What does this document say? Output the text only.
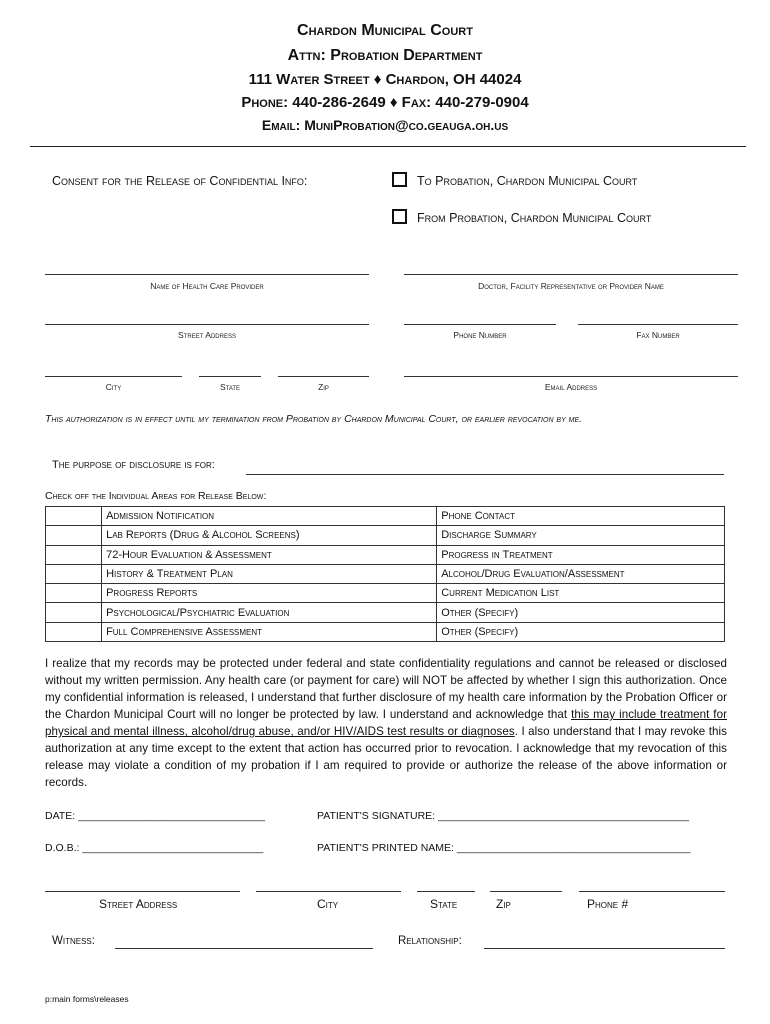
Chardon Municipal Court
Attn: Probation Department
111 Water Street ♦ Chardon, OH 44024
Phone: 440-286-2649 ♦ Fax: 440-279-0904
Email: MuniProbation@co.geauga.oh.us
Consent for the Release of Confidential Info:	To Probation, Chardon Municipal Court
From Probation, Chardon Municipal Court
Name of Health Care Provider	Doctor, Facility Representative or Provider Name
Street Address	Phone Number	Fax Number
City	State	Zip	Email Address
This authorization is in effect until my termination from Probation by Chardon Municipal Court, or earlier revocation by me.
The purpose of disclosure is for:
Check off the Individual Areas for Release Below:
	Admission Notification	Phone Contact
	Lab Reports (Drug & Alcohol Screens)	Discharge Summary
	72-Hour Evaluation & Assessment	Progress in Treatment
	History & Treatment Plan	Alcohol/Drug Evaluation/Assessment
	Progress Reports	Current Medication List
	Psychological/Psychiatric Evaluation	Other (Specify)
	Full Comprehensive Assessment	Other (Specify)
I realize that my records may be protected under federal and state confidentiality regulations and cannot be released or disclosed without my written permission. Any health care (or payment for care) will NOT be affected by whether I sign this authorization. Once my confidential information is released, I understand that further disclosure of my health care information by the Probation Officer or the Chardon Municipal Court will no longer be protected by law. I understand and acknowledge that this may include treatment for physical and mental illness, alcohol/drug abuse, and/or HIV/AIDS test results or diagnoses. I also understand that I may revoke this authorization at any time except to the extent that action has occurred prior to revocation. I acknowledge that my revocation of this release may violate a condition of my probation if I am required to provide or authorize the release of the above information or records.
DATE: ________________________________	PATIENT'S SIGNATURE: ___________________________________________
D.O.B.: _______________________________	PATIENT'S PRINTED NAME: ________________________________________
Street Address	City	State	Zip	Phone #
Witness:	Relationship:
p:main forms\releases
